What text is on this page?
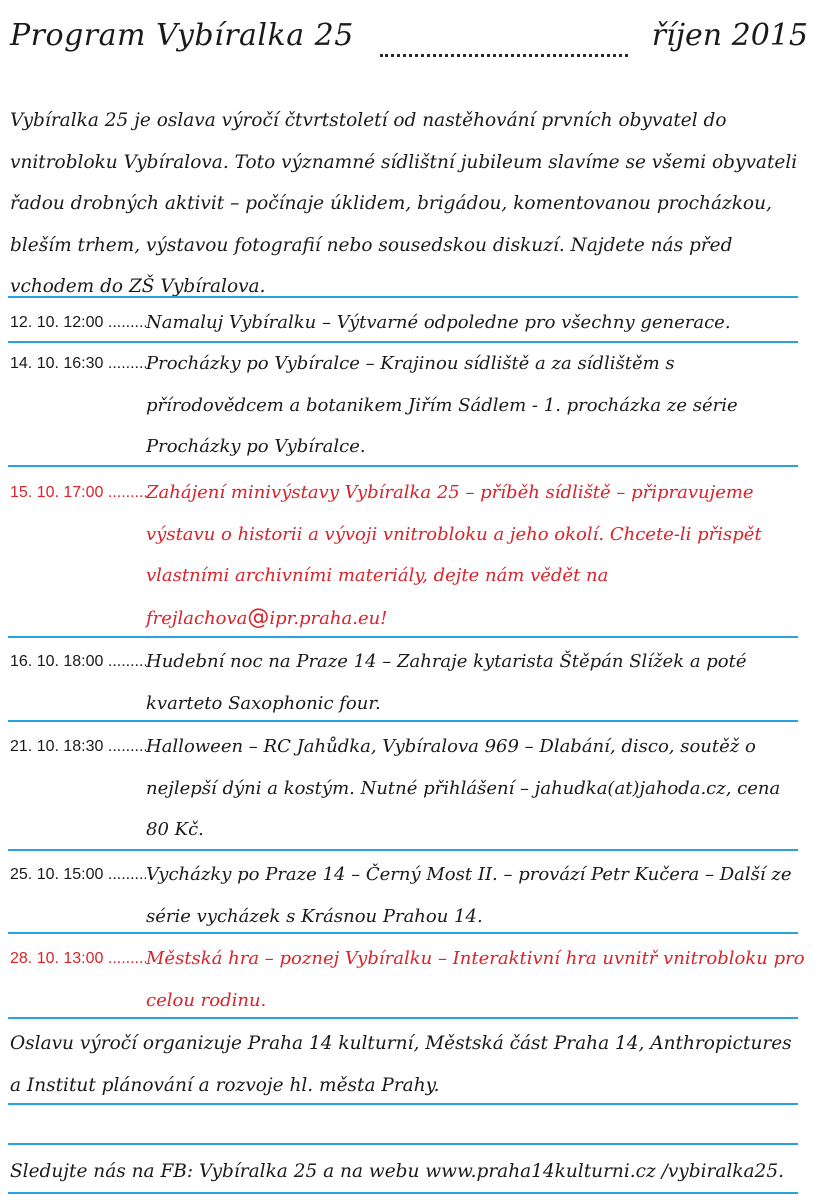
Program Vybíralka 25	říjen 2015
Vybíralka 25 je oslava výročí čtvrtstoletí od nastěhování prvních obyvatel do vnitrobloku Vybíralova. Toto významné sídlištní jubileum slavíme se všemi obyvateli řadou drobných aktivit – počínaje úklidem, brigádou, komentovanou procházkou, bleším trhem, výstavou fotografií nebo sousedskou diskuzí. Najdete nás před vchodem do ZŠ Vybíralova.
12. 10. 12:00 .....	Namaluj Vybíralku – Výtvarné odpoledne pro všechny generace.
14. 10. 16:30 .....	Procházky po Vybíralce – Krajinou sídliště a za sídlištěm s přírodovědcem a botanikem Jiřím Sádlem - 1. procházka ze série Procházky po Vybíralce.
15. 10. 17:00 .....	Zahájení minivýstavy Vybíralka 25 – příběh sídliště – připravujeme výstavu o historii a vývoji vnitrobloku a jeho okolí. Chcete-li přispět vlastními archivními materiály, dejte nám vědět na frejlachova@ipr.praha.eu!
16. 10. 18:00 .....	Hudební noc na Praze 14 – Zahraje kytarista Štěpán Slížek a poté kvarteto Saxophonic four.
21. 10. 18:30 .....	Halloween – RC Jahůdka, Vybíralova 969 – Dlabání, disco, soutěž o nejlepší dýni a kostým. Nutné přihlášení – jahudka(at)jahoda.cz, cena 80 Kč.
25. 10. 15:00 .....	Vycházky po Praze 14 – Černý Most II. – provází Petr Kučera – Další ze série vycházek s Krásnou Prahou 14.
28. 10. 13:00 .....	Městská hra – poznej Vybíralku – Interaktivní hra uvnitř vnitrobloku pro celou rodinu.
Oslavu výročí organizuje Praha 14 kulturní, Městská část Praha 14, Anthropictures a Institut plánování a rozvoje hl. města Prahy.
Sledujte nás na FB: Vybíralka 25 a na webu www.praha14kulturni.cz /vybiralka25.
